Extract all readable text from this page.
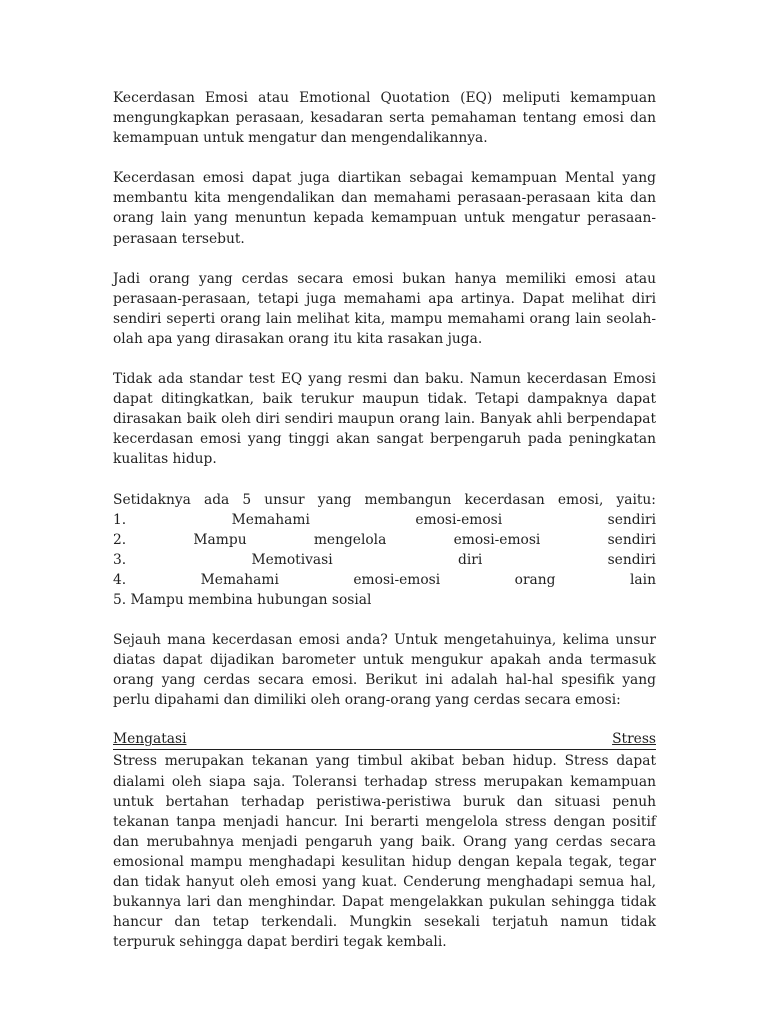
Kecerdasan Emosi atau Emotional Quotation (EQ) meliputi kemampuan mengungkapkan perasaan, kesadaran serta pemahaman tentang emosi dan kemampuan untuk mengatur dan mengendalikannya.

Kecerdasan emosi dapat juga diartikan sebagai kemampuan Mental yang membantu kita mengendalikan dan memahami perasaan-perasaan kita dan orang lain yang menuntun kepada kemampuan untuk mengatur perasaan-perasaan tersebut.

Jadi orang yang cerdas secara emosi bukan hanya memiliki emosi atau perasaan-perasaan, tetapi juga memahami apa artinya. Dapat melihat diri sendiri seperti orang lain melihat kita, mampu memahami orang lain seolah-olah apa yang dirasakan orang itu kita rasakan juga.

Tidak ada standar test EQ yang resmi dan baku. Namun kecerdasan Emosi dapat ditingkatkan, baik terukur maupun tidak. Tetapi dampaknya dapat dirasakan baik oleh diri sendiri maupun orang lain. Banyak ahli berpendapat kecerdasan emosi yang tinggi akan sangat berpengaruh pada peningkatan kualitas hidup.

Setidaknya ada 5 unsur yang membangun kecerdasan emosi, yaitu:
1.	Memahami	emosi-emosi	sendiri
2.	Mampu	mengelola	emosi-emosi	sendiri
3.	Memotivasi	diri	sendiri
4.	Memahami	emosi-emosi	orang	lain
5. Mampu membina hubungan sosial

Sejauh mana kecerdasan emosi anda? Untuk mengetahuinya, kelima unsur diatas dapat dijadikan barometer untuk mengukur apakah anda termasuk orang yang cerdas secara emosi. Berikut ini adalah hal-hal spesifik yang perlu dipahami dan dimiliki oleh orang-orang yang cerdas secara emosi:

Mengatasi	Stress

Stress merupakan tekanan yang timbul akibat beban hidup. Stress dapat dialami oleh siapa saja. Toleransi terhadap stress merupakan kemampuan untuk bertahan terhadap peristiwa-peristiwa buruk dan situasi penuh tekanan tanpa menjadi hancur. Ini berarti mengelola stress dengan positif dan merubahnya menjadi pengaruh yang baik. Orang yang cerdas secara emosional mampu menghadapi kesulitan hidup dengan kepala tegak, tegar dan tidak hanyut oleh emosi yang kuat. Cenderung menghadapi semua hal, bukannya lari dan menghindar. Dapat mengelakkan pukulan sehingga tidak hancur dan tetap terkendali. Mungkin sesekali terjatuh namun tidak terpuruk sehingga dapat berdiri tegak kembali.
